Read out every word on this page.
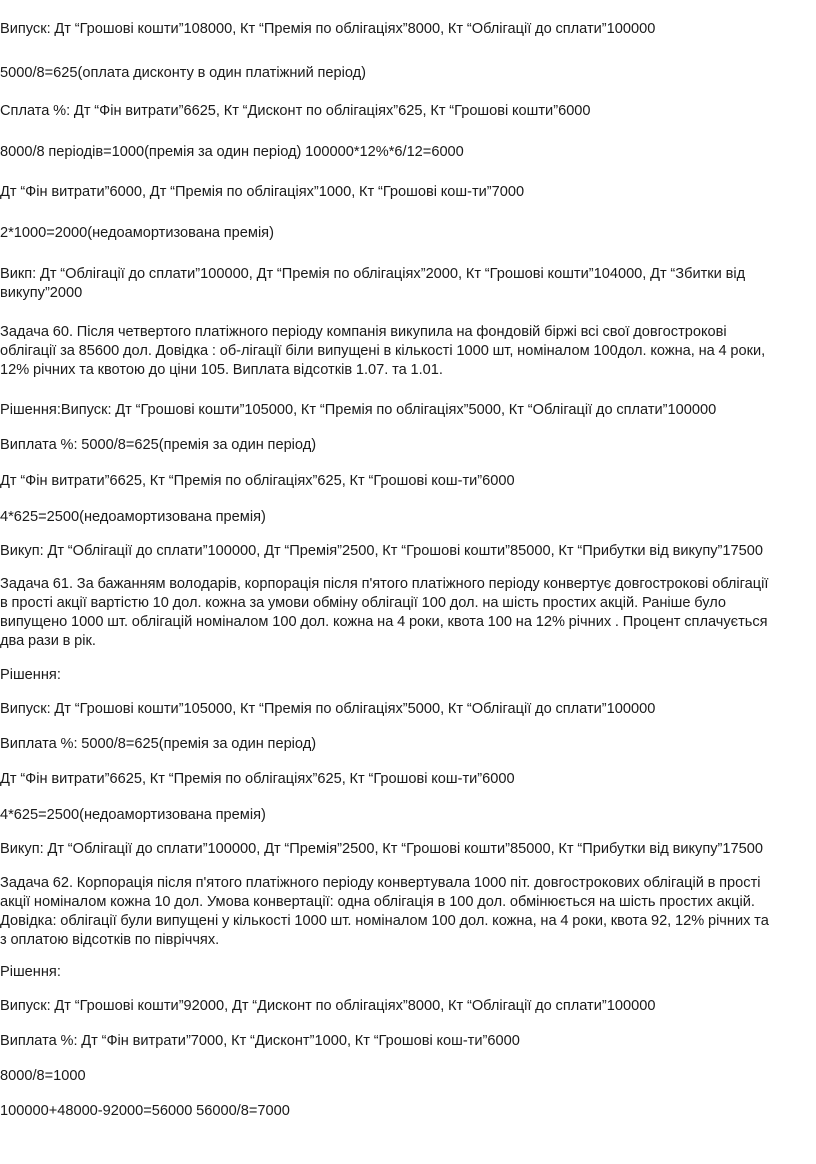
Випуск: Дт “Грошові кошти”108000, Кт “Премія по облігаціях”8000, Кт “Облігації до сплати”100000

5000/8=625(оплата дисконту в один платіжний період)

Сплата %: Дт “Фін витрати”6625, Кт “Дисконт по облігаціях”625, Кт “Грошові кошти”6000

8000/8 періодів=1000(премія за один період) 100000*12%*6/12=6000

Дт “Фін витрати”6000, Дт “Премія по облігаціях”1000, Кт “Грошові кош-ти”7000

2*1000=2000(недоамортизована премія)

Викп: Дт “Облігації до сплати”100000, Дт “Премія по облігаціях”2000, Кт “Грошові кошти”104000, Дт “Збитки від
викупу”2000

Задача 60. Після четвертого платіжного періоду компанія викупила на фондовій біржі всі свої довгострокові
облігації за 85600 дол. Довідка : об-лігації біли випущені в кількості 1000 шт, номіналом 100дол. кожна, на 4 роки,
12% річних та квотою до ціни 105. Виплата відсотків 1.07. та 1.01.

Рішення:Випуск: Дт “Грошові кошти”105000, Кт “Премія по облігаціях”5000, Кт “Облігації до сплати”100000

Виплата %: 5000/8=625(премія за один період)

Дт “Фін витрати”6625, Кт “Премія по облігаціях”625, Кт “Грошові кош-ти”6000

4*625=2500(недоамортизована премія)

Викуп: Дт “Облігації до сплати”100000, Дт “Премія”2500, Кт “Грошові кошти”85000, Кт “Прибутки від викупу”17500

Задача 61. За бажанням володарів, корпорація після п'ятого платіжного періоду конвертує довгострокові облігації
в прості акції вартістю 10 дол. кожна за умови обміну облігації 100 дол. на шість простих акцій. Раніше було
випущено 1000 шт. облігацій номіналом 100 дол. кожна на 4 роки, квота 100 на 12% річних . Процент сплачується
два рази в рік.

Рішення:

Випуск: Дт “Грошові кошти”105000, Кт “Премія по облігаціях”5000, Кт “Облігації до сплати”100000

Виплата %: 5000/8=625(премія за один період)

Дт “Фін витрати”6625, Кт “Премія по облігаціях”625, Кт “Грошові кош-ти”6000

4*625=2500(недоамортизована премія)

Викуп: Дт “Облігації до сплати”100000, Дт “Премія”2500, Кт “Грошові кошти”85000, Кт “Прибутки від викупу”17500

Задача 62. Корпорація після п'ятого платіжного періоду конвертувала 1000 піт. довгострокових облігацій в прості
акції номіналом кожна 10 дол. Умова конвертації: одна облігація в 100 дол. обмінюється на шість простих акцій.
Довідка: облігації були випущені у кількості 1000 шт. номіналом 100 дол. кожна, на 4 роки, квота 92, 12% річних та
з оплатою відсотків по півріччях.

Рішення:

Випуск: Дт “Грошові кошти”92000, Дт “Дисконт по облігаціях”8000, Кт “Облігації до сплати”100000

Виплата %: Дт “Фін витрати”7000, Кт “Дисконт”1000, Кт “Грошові кош-ти”6000

8000/8=1000

100000+48000-92000=56000 56000/8=7000
